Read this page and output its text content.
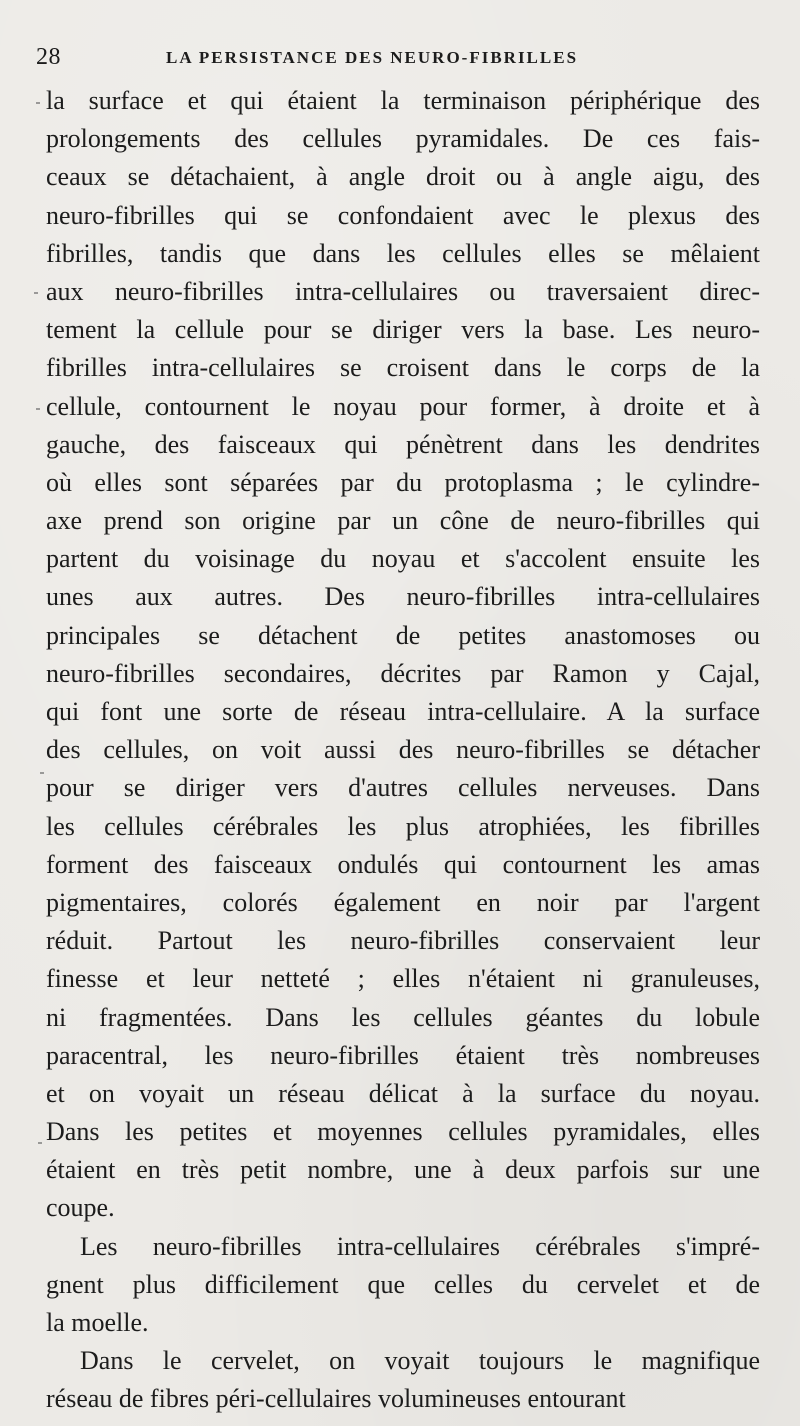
28	LA PERSISTANCE DES NEURO-FIBRILLES
la surface et qui étaient la terminaison périphérique des
prolongements des cellules pyramidales. De ces fais-
ceaux se détachaient, à angle droit ou à angle aigu, des
neuro-fibrilles qui se confondaient avec le plexus des
fibrilles, tandis que dans les cellules elles se mêlaient
aux neuro-fibrilles intra-cellulaires ou traversaient direc-
tement la cellule pour se diriger vers la base. Les neuro-
fibrilles intra-cellulaires se croisent dans le corps de la
cellule, contournent le noyau pour former, à droite et à
gauche, des faisceaux qui pénètrent dans les dendrites
où elles sont séparées par du protoplasma ; le cylindre-
axe prend son origine par un cône de neuro-fibrilles qui
partent du voisinage du noyau et s'accolent ensuite les
unes aux autres. Des neuro-fibrilles intra-cellulaires
principales se détachent de petites anastomoses ou
neuro-fibrilles secondaires, décrites par Ramon y Cajal,
qui font une sorte de réseau intra-cellulaire. A la surface
des cellules, on voit aussi des neuro-fibrilles se détacher
pour se diriger vers d'autres cellules nerveuses. Dans
les cellules cérébrales les plus atrophiées, les fibrilles
forment des faisceaux ondulés qui contournent les amas
pigmentaires, colorés également en noir par l'argent
réduit. Partout les neuro-fibrilles conservaient leur
finesse et leur netteté ; elles n'étaient ni granuleuses,
ni fragmentées. Dans les cellules géantes du lobule
paracentral, les neuro-fibrilles étaient très nombreuses
et on voyait un réseau délicat à la surface du noyau.
Dans les petites et moyennes cellules pyramidales, elles
étaient en très petit nombre, une à deux parfois sur une
coupe.
Les neuro-fibrilles intra-cellulaires cérébrales s'impré-
gnent plus difficilement que celles du cervelet et de
la moelle.
Dans le cervelet, on voyait toujours le magnifique
réseau de fibres péri-cellulaires volumineuses entourant
